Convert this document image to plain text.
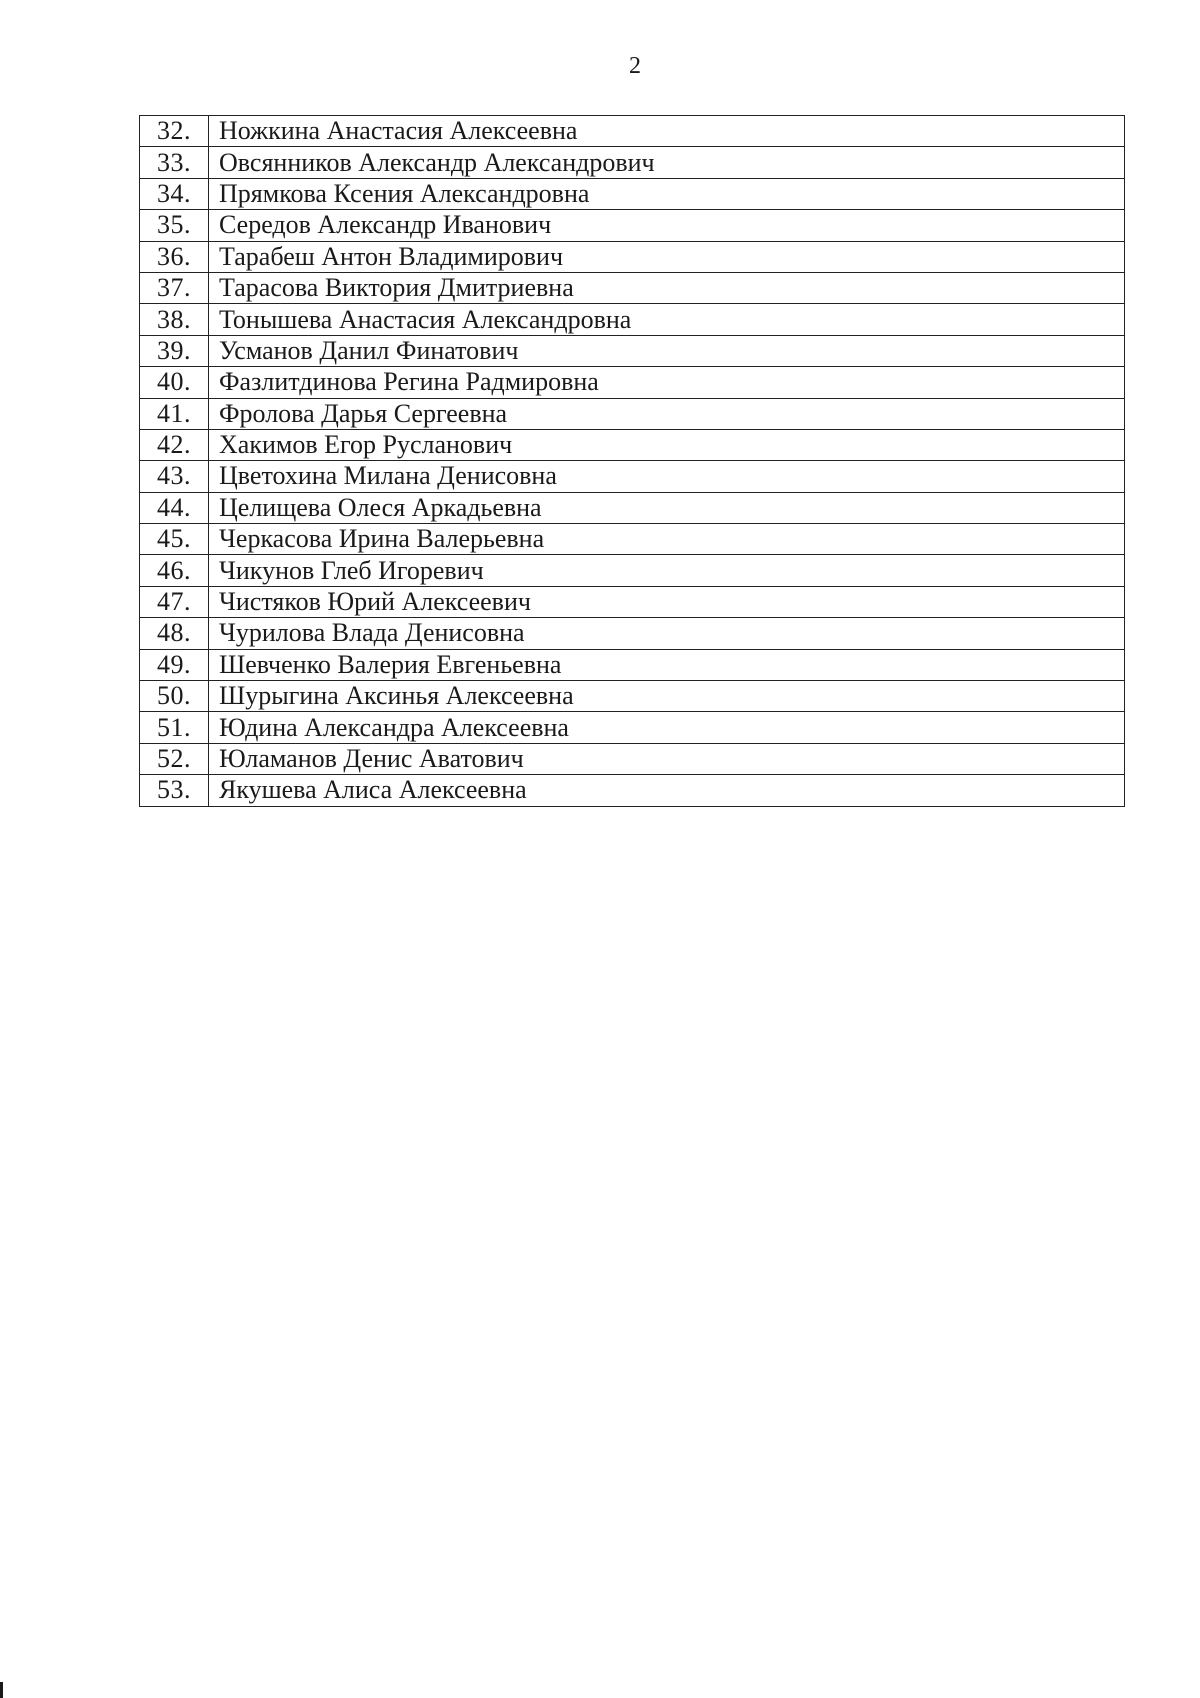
2
32.	Ножкина Анастасия Алексеевна
33.	Овсянников Александр Александрович
34.	Прямкова Ксения Александровна
35.	Середов Александр Иванович
36.	Тарабеш Антон Владимирович
37.	Тарасова Виктория Дмитриевна
38.	Тонышева Анастасия Александровна
39.	Усманов Данил Финатович
40.	Фазлитдинова Регина Радмировна
41.	Фролова Дарья Сергеевна
42.	Хакимов Егор Русланович
43.	Цветохина Милана Денисовна
44.	Целищева Олеся Аркадьевна
45.	Черкасова Ирина Валерьевна
46.	Чикунов Глеб Игоревич
47.	Чистяков Юрий Алексеевич
48.	Чурилова Влада Денисовна
49.	Шевченко Валерия Евгеньевна
50.	Шурыгина Аксинья Алексеевна
51.	Юдина Александра Алексеевна
52.	Юламанов Денис Аватович
53.	Якушева Алиса Алексеевна
